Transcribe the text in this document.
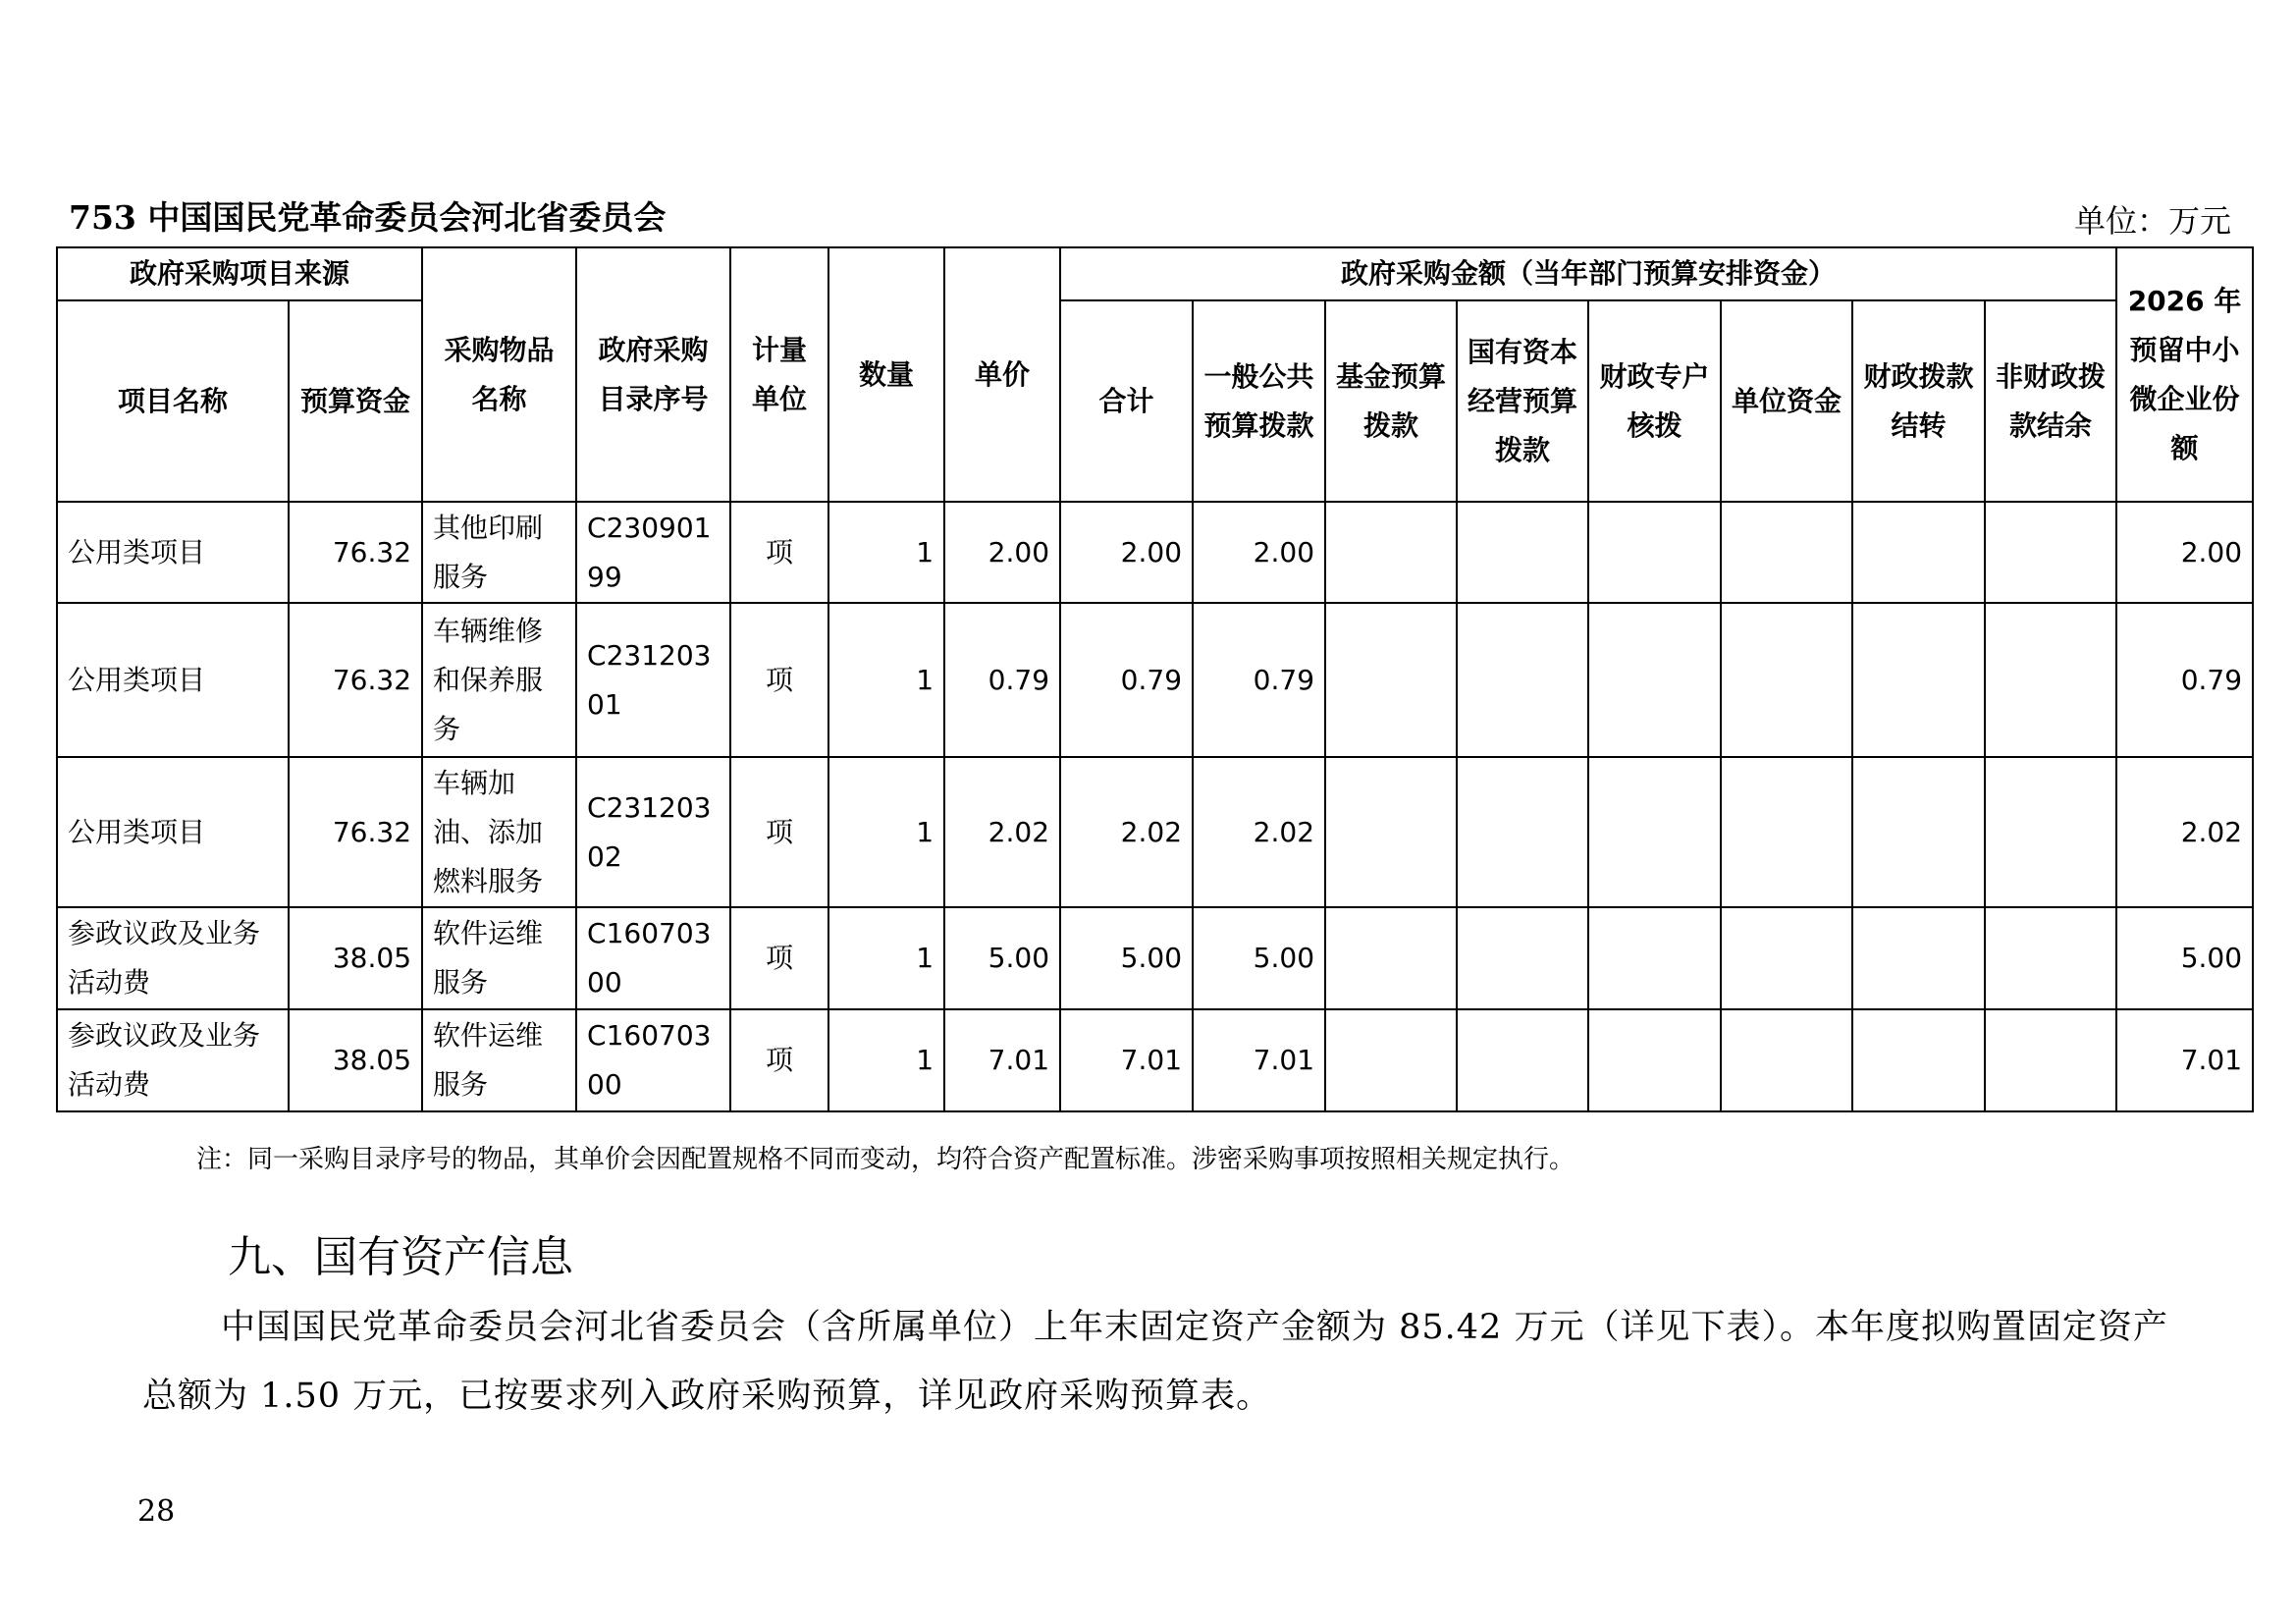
753 中国国民党革命委员会河北省委员会	单位：万元
政府采购项目来源		采购物品名称	政府采购目录序号	计量单位	数量	单价	政府采购金额（当年部门预算安排资金）								2026 年预留中小微企业份额
项目名称	预算资金						合计	一般公共预算拨款	基金预算拨款	国有资本经营预算拨款	财政专户核拨	单位资金	财政拨款结转	非财政拨款结余	
公用类项目	76.32	其他印刷服务	C23090199	项	1	2.00	2.00	2.00							2.00
公用类项目	76.32	车辆维修和保养服务	C23120301	项	1	0.79	0.79	0.79							0.79
公用类项目	76.32	车辆加油、添加燃料服务	C23120302	项	1	2.02	2.02	2.02							2.02
参政议政及业务活动费	38.05	软件运维服务	C16070300	项	1	5.00	5.00	5.00							5.00
参政议政及业务活动费	38.05	软件运维服务	C16070300	项	1	7.01	7.01	7.01							7.01
注：同一采购目录序号的物品，其单价会因配置规格不同而变动，均符合资产配置标准。涉密采购事项按照相关规定执行。
九、国有资产信息
中国国民党革命委员会河北省委员会（含所属单位）上年末固定资产金额为 85.42 万元（详见下表）。本年度拟购置固定资产总额为 1.50 万元，已按要求列入政府采购预算，详见政府采购预算表。
28
